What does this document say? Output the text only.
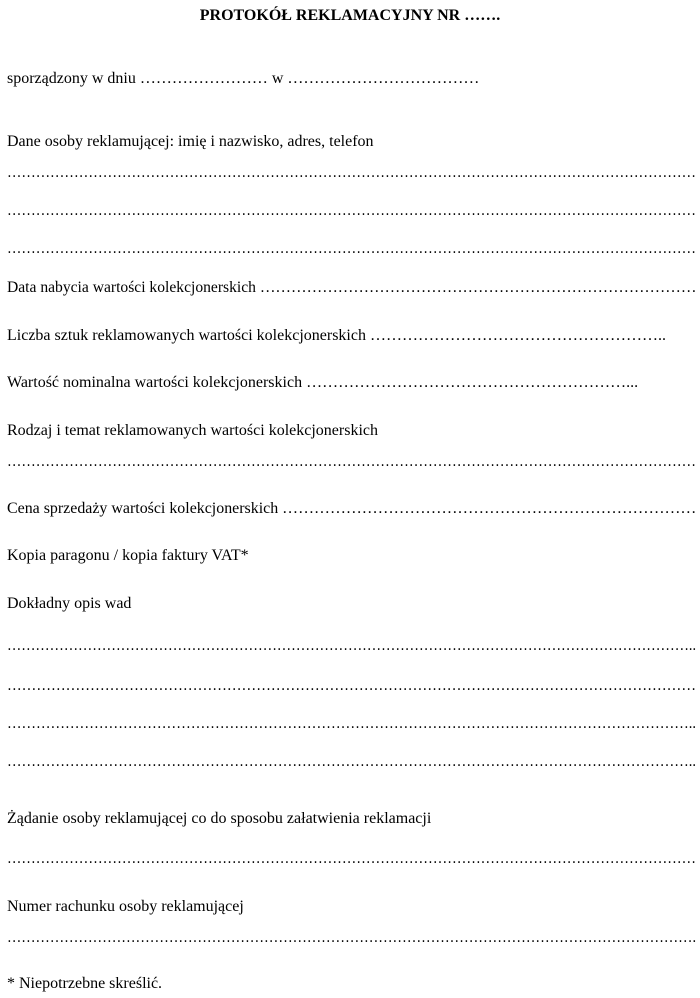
PROTOKÓŁ REKLAMACYJNY NR …….
sporządzony w dniu …………………… w ………………………………
Dane osoby reklamującej: imię i nazwisko, adres, telefon
………………………………………………………………………………………………………………………………
………………………………………………………………………………………………………………………………
………………………………………………………………………………………………………………………………
Data nabycia wartości kolekcjonerskich …………………………………………………………………………
Liczba sztuk reklamowanych wartości kolekcjonerskich ………………………………………………..
Wartość nominalna wartości kolekcjonerskich ……………………………………………………...
Rodzaj i temat reklamowanych wartości kolekcjonerskich
………………………………………………………………………………………………………………………………
Cena sprzedaży wartości kolekcjonerskich ……………………………………………………………………
Kopia paragonu / kopia faktury VAT*
Dokładny opis wad
………………………………………………………………………………………………………………………………..
……………………………………………………………………………………………………………………………
……………………………………………………………………………………………………………………………..
……………………………………………………………………………………………………………………………..
Żądanie osoby reklamującej co do sposobu załatwienia reklamacji
………………………………………………………………………………………………………………………………
Numer rachunku osoby reklamującej
……………………………………………………………………………………………………………………………….
* Niepotrzebne skreślić.
